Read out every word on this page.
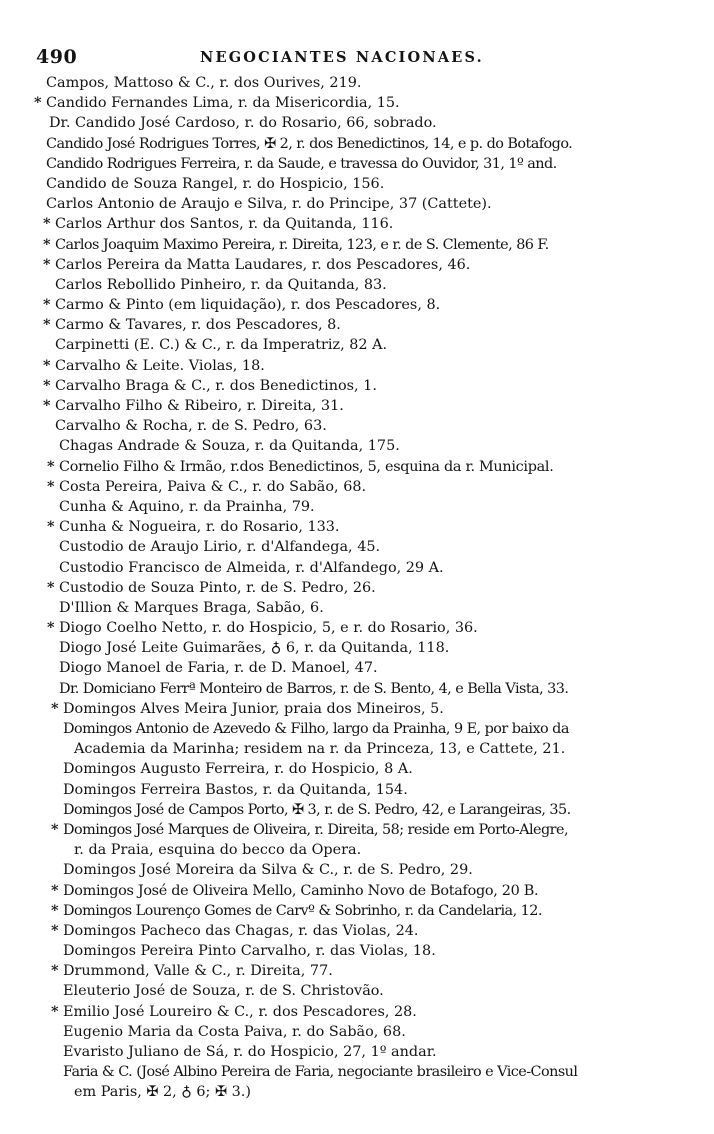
490	NEGOCIANTES NACIONAES.
Campos, Mattoso & C., r. dos Ourives, 219.
* Candido Fernandes Lima, r. da Misericordia, 15.
Dr. Candido José Cardoso, r. do Rosario, 66, sobrado.
Candido José Rodrigues Torres, ✠ 2, r. dos Benedictinos, 14, e p. do Botafogo.
Candido Rodrigues Ferreira, r. da Saude, e travessa do Ouvidor, 31, 1º and.
Candido de Souza Rangel, r. do Hospicio, 156.
Carlos Antonio de Araujo e Silva, r. do Principe, 37 (Cattete).
* Carlos Arthur dos Santos, r. da Quitanda, 116.
* Carlos Joaquim Maximo Pereira, r. Direita, 123, e r. de S. Clemente, 86 F.
* Carlos Pereira da Matta Laudares, r. dos Pescadores, 46.
Carlos Rebollido Pinheiro, r. da Quitanda, 83.
* Carmo & Pinto (em liquidação), r. dos Pescadores, 8.
* Carmo & Tavares, r. dos Pescadores, 8.
Carpinetti (E. C.) & C., r. da Imperatriz, 82 A.
* Carvalho & Leite. Violas, 18.
* Carvalho Braga & C., r. dos Benedictinos, 1.
* Carvalho Filho & Ribeiro, r. Direita, 31.
Carvalho & Rocha, r. de S. Pedro, 63.
Chagas Andrade & Souza, r. da Quitanda, 175.
* Cornelio Filho & Irmão, r.dos Benedictinos, 5, esquina da r. Municipal.
* Costa Pereira, Paiva & C., r. do Sabão, 68.
Cunha & Aquino, r. da Prainha, 79.
* Cunha & Nogueira, r. do Rosario, 133.
Custodio de Araujo Lirio, r. d'Alfandega, 45.
Custodio Francisco de Almeida, r. d'Alfandego, 29 A.
* Custodio de Souza Pinto, r. de S. Pedro, 26.
D'Illion & Marques Braga, Sabão, 6.
* Diogo Coelho Netto, r. do Hospicio, 5, e r. do Rosario, 36.
Diogo José Leite Guimarães, ♁ 6, r. da Quitanda, 118.
Diogo Manoel de Faria, r. de D. Manoel, 47.
Dr. Domiciano Ferrª Monteiro de Barros, r. de S. Bento, 4, e Bella Vista, 33.
* Domingos Alves Meira Junior, praia dos Mineiros, 5.
Domingos Antonio de Azevedo & Filho, largo da Prainha, 9 E, por baixo da
Academia da Marinha; residem na r. da Princeza, 13, e Cattete, 21.
Domingos Augusto Ferreira, r. do Hospicio, 8 A.
Domingos Ferreira Bastos, r. da Quitanda, 154.
Domingos José de Campos Porto, ✠ 3, r. de S. Pedro, 42, e Larangeiras, 35.
* Domingos José Marques de Oliveira, r. Direita, 58; reside em Porto-Alegre,
r. da Praia, esquina do becco da Opera.
Domingos José Moreira da Silva & C., r. de S. Pedro, 29.
* Domingos José de Oliveira Mello, Caminho Novo de Botafogo, 20 B.
* Domingos Lourenço Gomes de Carvº & Sobrinho, r. da Candelaria, 12.
* Domingos Pacheco das Chagas, r. das Violas, 24.
Domingos Pereira Pinto Carvalho, r. das Violas, 18.
* Drummond, Valle & C., r. Direita, 77.
Eleuterio José de Souza, r. de S. Christovão.
* Emilio José Loureiro & C., r. dos Pescadores, 28.
Eugenio Maria da Costa Paiva, r. do Sabão, 68.
Evaristo Juliano de Sá, r. do Hospicio, 27, 1º andar.
Faria & C. (José Albino Pereira de Faria, negociante brasileiro e Vice-Consul
em Paris, ✠ 2, ♁ 6; ✠ 3.)
